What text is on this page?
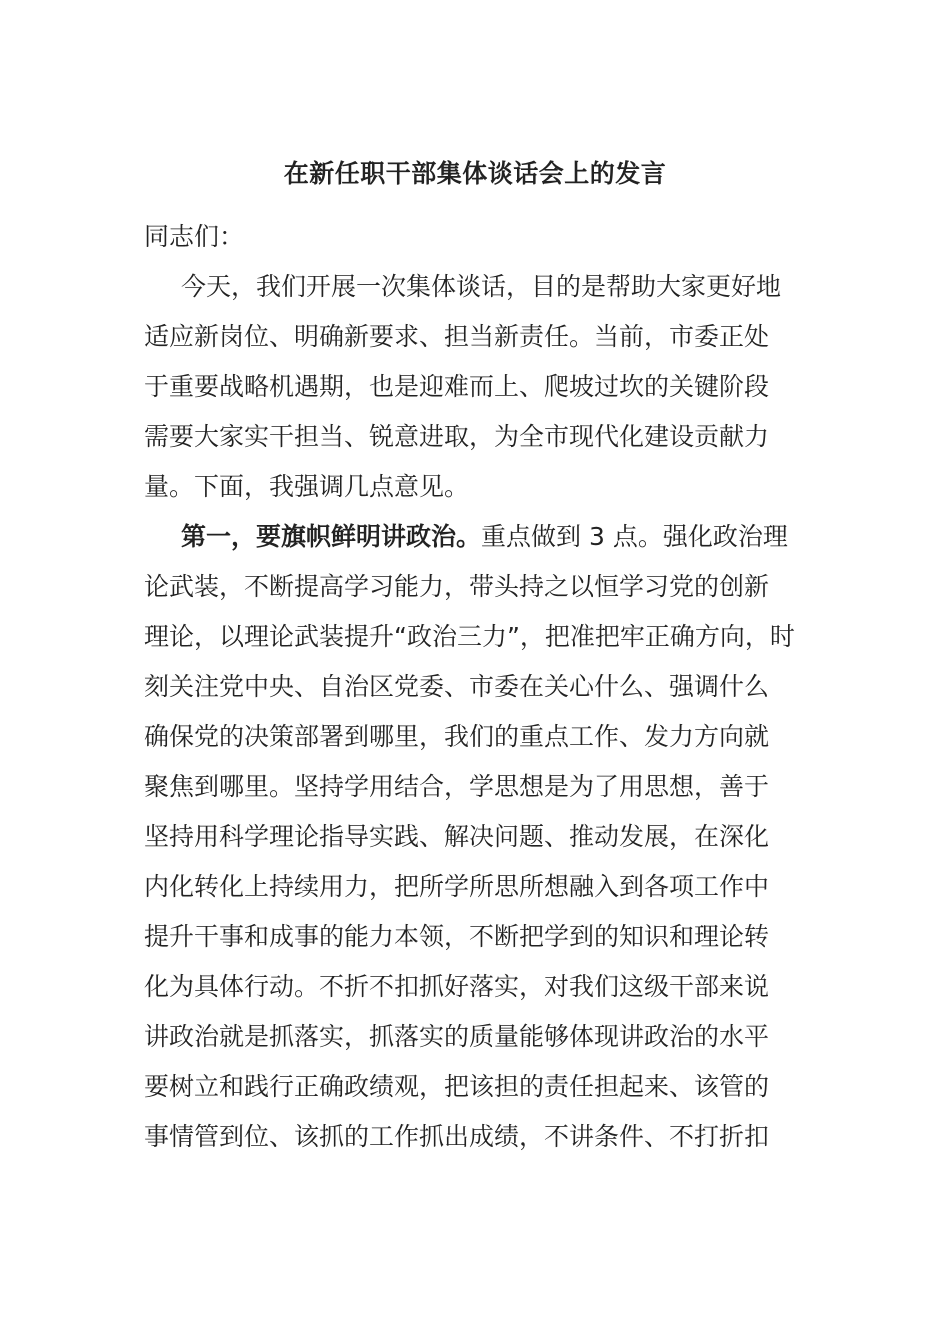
在新任职干部集体谈话会上的发言
同志们：
今天，我们开展一次集体谈话，目的是帮助大家更好地
适应新岗位、明确新要求、担当新责任。当前，市委正处
于重要战略机遇期，也是迎难而上、爬坡过坎的关键阶段
需要大家实干担当、锐意进取，为全市现代化建设贡献力
量。下面，我强调几点意见。
第一，要旗帜鲜明讲政治。重点做到 3 点。强化政治理
论武装，不断提高学习能力，带头持之以恒学习党的创新
理论，以理论武装提升“政治三力”，把准把牢正确方向，时
刻关注党中央、自治区党委、市委在关心什么、强调什么
确保党的决策部署到哪里，我们的重点工作、发力方向就
聚焦到哪里。坚持学用结合，学思想是为了用思想，善于
坚持用科学理论指导实践、解决问题、推动发展，在深化
内化转化上持续用力，把所学所思所想融入到各项工作中
提升干事和成事的能力本领，不断把学到的知识和理论转
化为具体行动。不折不扣抓好落实，对我们这级干部来说
讲政治就是抓落实，抓落实的质量能够体现讲政治的水平
要树立和践行正确政绩观，把该担的责任担起来、该管的
事情管到位、该抓的工作抓出成绩，不讲条件、不打折扣
